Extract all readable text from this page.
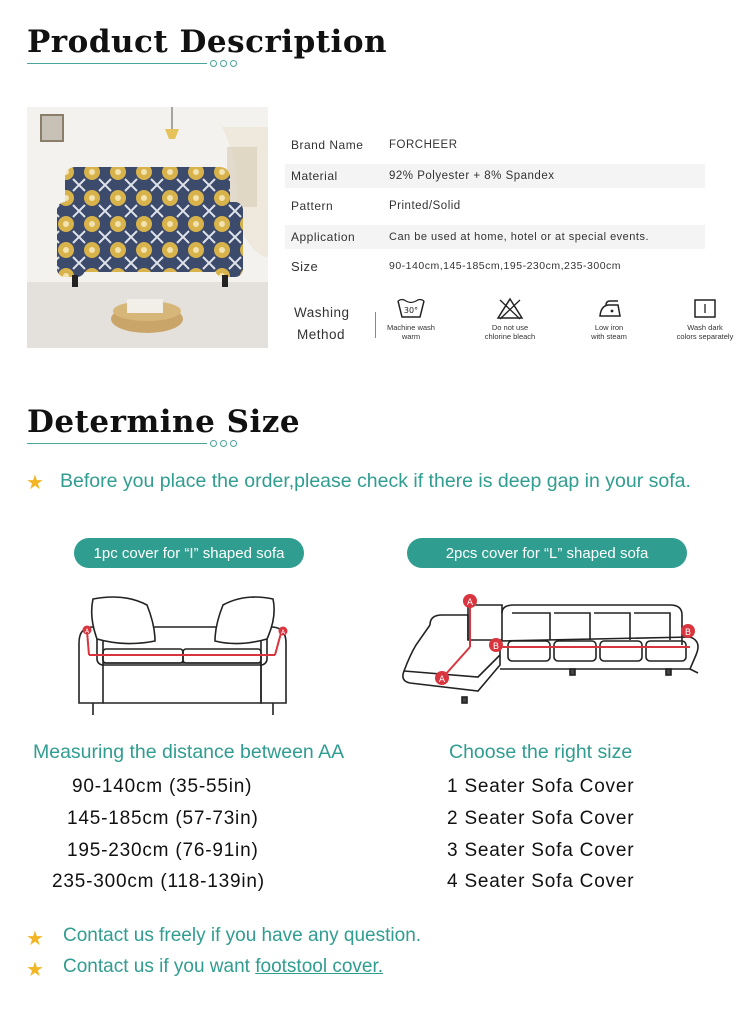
Product Description
Brand Name	FORCHEER
Material	92% Polyester + 8% Spandex
Pattern	Printed/Solid
Application	Can be used at home, hotel or at special events.
Size	90-140cm,145-185cm,195-230cm,235-300cm
Washing
Method
30°
Machine wash
warm
Do not use
chlorine bleach
Low iron
with steam
Wash dark
colors separately
Determine Size
★ Before you place the order,please check if there is deep gap in your sofa.
1pc cover for “I” shaped sofa	2pcs cover for “L” shaped sofa
A	A
A
A
B
B
Measuring the distance between AA	Choose the right size
90-140cm (35-55in)
145-185cm (57-73in)
195-230cm (76-91in)
235-300cm (118-139in)
1 Seater Sofa Cover
2 Seater Sofa Cover
3 Seater Sofa Cover
4 Seater Sofa Cover
★ Contact us freely if you have any question.
★ Contact us if you want footstool cover.
